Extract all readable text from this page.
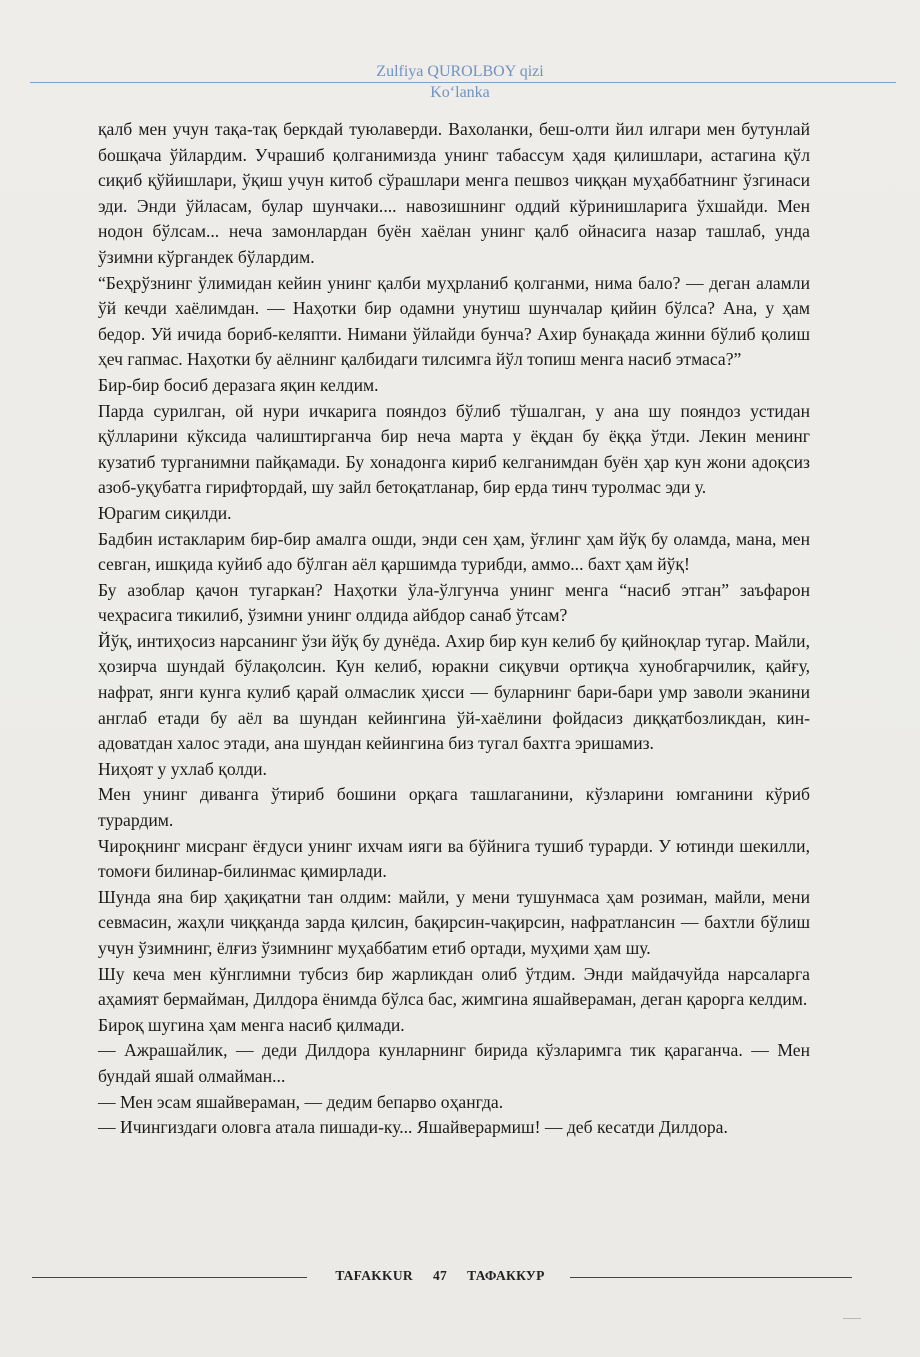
Zulfiya QUROLBOY qizi
Ko‘lanka

қалб мен учун тақа-тақ беркдай туюлаверди. Вахоланки, беш-олти йил илгари мен бутунлай бошқача ўйлардим. Учрашиб қолганимизда унинг табассум ҳадя қилишлари, астагина қўл сиқиб қўйишлари, ўқиш учун китоб сўрашлари менга пешвоз чиққан муҳаббатнинг ўзгинаси эди. Энди ўйласам, булар шунчаки.... навозишнинг оддий кўринишларига ўхшайди. Мен нодон бўлсам... неча замонлардан буён хаёлан унинг қалб ойнасига назар ташлаб, унда ўзимни кўргандек бўлардим.

“Беҳрўзнинг ўлимидан кейин унинг қалби муҳрланиб қолганми, нима бало? — деган аламли ўй кечди хаёлимдан. — Наҳотки бир одамни унутиш шунчалар қийин бўлса? Ана, у ҳам бедор. Уй ичида бориб-келяпти. Нимани ўйлайди бунча? Ахир бунақада жинни бўлиб қолиш ҳеч гапмас. Наҳотки бу аёлнинг қалбидаги тилсимга йўл топиш менга насиб этмаса?”

Бир-бир босиб деразага яқин келдим.

Парда сурилган, ой нури ичкарига пояндоз бўлиб тўшалган, у ана шу пояндоз устидан қўлларини кўксида чалиштирганча бир неча марта у ёқдан бу ёққа ўтди. Лекин менинг кузатиб турганимни пайқамади. Бу хонадонга кириб келганимдан буён ҳар кун жони адоқсиз азоб-уқубатга гирифтордай, шу зайл бетоқатланар, бир ерда тинч туролмас эди у.

Юрагим сиқилди.

Бадбин истакларим бир-бир амалга ошди, энди сен ҳам, ўғлинг ҳам йўқ бу оламда, мана, мен севган, ишқида куйиб адо бўлган аёл қаршимда турибди, аммо... бахт ҳам йўқ!

Бу азоблар қачон тугаркан? Наҳотки ўла-ўлгунча унинг менга “насиб этган” заъфарон чеҳрасига тикилиб, ўзимни унинг олдида айбдор санаб ўтсам?

Йўқ, интиҳосиз нарсанинг ўзи йўқ бу дунёда. Ахир бир кун келиб бу қийноқлар тугар. Майли, ҳозирча шундай бўлақолсин. Кун келиб, юракни сиқувчи ортиқча хунобгарчилик, қайғу, нафрат, янги кунга кулиб қарай олмаслик ҳисси — буларнинг бари-бари умр заволи эканини англаб етади бу аёл ва шундан кейингина ўй-хаёлини фойдасиз диққатбозликдан, кин-адоватдан халос этади, ана шундан кейингина биз тугал бахтга эришамиз.

Ниҳоят у ухлаб қолди.

Мен унинг диванга ўтириб бошини орқага ташлаганини, кўзларини юмганини кўриб турардим.

Чироқнинг мисранг ёғдуси унинг ихчам ияги ва бўйнига тушиб турарди. У ютинди шекилли, томоғи билинар-билинмас қимирлади.

Шунда яна бир ҳақиқатни тан олдим: майли, у мени тушунмаса ҳам розиман, майли, мени севмасин, жаҳли чиққанда зарда қилсин, бақирсин-чақирсин, нафратлансин — бахтли бўлиш учун ўзимнинг, ёлғиз ўзимнинг муҳаббатим етиб ортади, муҳими ҳам шу.

Шу кеча мен кўнглимни тубсиз бир жарликдан олиб ўтдим. Энди майдачуйда нарсаларга аҳамият бермайман, Дилдора ёнимда бўлса бас, жимгина яшайвераман, деган қарорга келдим.

Бироқ шугина ҳам менга насиб қилмади.

— Ажрашайлик, — деди Дилдора кунларнинг бирида кўзларимга тик қараганча. — Мен бундай яшай олмайман...

— Мен эсам яшайвераман, — дедим бепарво оҳангда.

— Ичингиздаги оловга атала пишади-ку... Яшайверармиш! — деб кесатди Дилдора.

TAFAKKUR 47 ТАФАККУР
